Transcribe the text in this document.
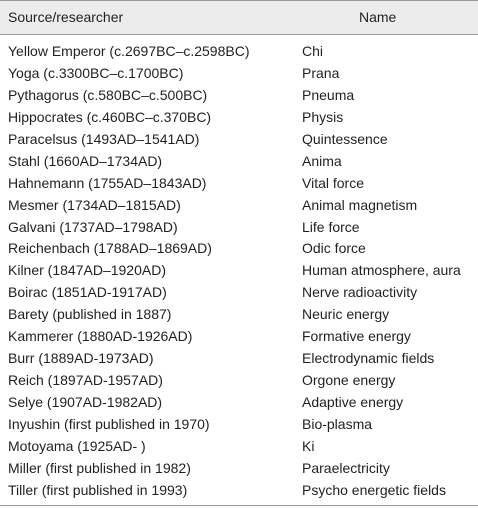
Source/researcher	Name
Yellow Emperor (c.2697BC–c.2598BC)	Chi
Yoga (c.3300BC–c.1700BC)	Prana
Pythagorus (c.580BC–c.500BC)	Pneuma
Hippocrates (c.460BC–c.370BC)	Physis
Paracelsus (1493AD–1541AD)	Quintessence
Stahl (1660AD–1734AD)	Anima
Hahnemann (1755AD–1843AD)	Vital force
Mesmer (1734AD–1815AD)	Animal magnetism
Galvani (1737AD–1798AD)	Life force
Reichenbach (1788AD–1869AD)	Odic force
Kilner (1847AD–1920AD)	Human atmosphere, aura
Boirac (1851AD-1917AD)	Nerve radioactivity
Barety (published in 1887)	Neuric energy
Kammerer (1880AD-1926AD)	Formative energy
Burr (1889AD-1973AD)	Electrodynamic fields
Reich (1897AD-1957AD)	Orgone energy
Selye (1907AD-1982AD)	Adaptive energy
Inyushin (first published in 1970)	Bio-plasma
Motoyama (1925AD- )	Ki
Miller (first published in 1982)	Paraelectricity
Tiller (first published in 1993)	Psycho energetic fields
